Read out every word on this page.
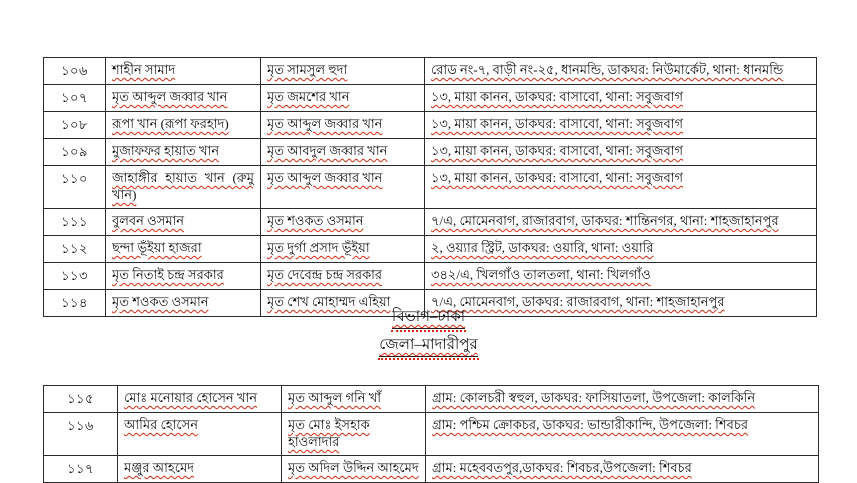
১০৬	শাহীন সামাদ	মৃত সামসুল হুদা	রোড নং-৭, বাড়ী নং-২৫, ধানমন্ডি, ডাকঘর: নিউমার্কেট, থানা: ধানমন্ডি
১০৭	মৃত আব্দুল জব্বার খান	মৃত জমশের খান	১৩, মায়া কানন, ডাকঘর: বাসাবো, থানা: সবুজবাগ
১০৮	রূপা খান (রূপা ফরহাদ)	মৃত আব্দুল জব্বার খান	১৩, মায়া কানন, ডাকঘর: বাসাবো, থানা: সবুজবাগ
১০৯	মুজাফফর হায়াত খান	মৃত আবদুল জব্বার খান	১৩, মায়া কানন, ডাকঘর: বাসাবো, থানা: সবুজবাগ
১১০	জাহাঙ্গীর হায়াত খান (রুমু খান)	মৃত আব্দুল জব্বার খান	১৩, মায়া কানন, ডাকঘর: বাসাবো, থানা: সবুজবাগ
১১১	বুলবন ওসমান	মৃত শওকত ওসমান	৭/এ, মোমেনবাগ, রাজারবাগ, ডাকঘর: শান্তিনগর, থানা: শাহজাহানপুর
১১২	ছন্দা ভূঁইয়া হাজরা	মৃত দুর্গা প্রসাদ ভূঁইয়া	২, ওয়্যার স্ট্রিট, ডাকঘর: ওয়ারি, থানা: ওয়ারি
১১৩	মৃত নিতাই চন্দ্র সরকার	মৃত দেবেন্দ্র চন্দ্র সরকার	৩৪২/এ, খিলগাঁও তালতলা, থানা: খিলগাঁও
১১৪	মৃত শওকত ওসমান	মৃত শেখ মোহাম্মদ এহিয়া	৭/এ, মোমেনবাগ, ডাকঘর: রাজারবাগ, থানা: শাহজাহানপুর
বিভাগ–ঢাকা
জেলা–মাদারীপুর
১১৫	মোঃ মনোয়ার হোসেন খান	মৃত আব্দুল গনি খাঁ	গ্রাম: কোলচরী স্বহুল, ডাকঘর: ফাসিয়াতলা, উপজেলা: কালকিনি
১১৬	আমির হোসেন	মৃত মোঃ ইসহাক হাওলাদার	গ্রাম: পশ্চিম ক্রোকচর, ডাকঘর: ভান্ডারীকান্দি, উপজেলা: শিবচর
১১৭	মঞ্জুর আহমেদ	মৃত অদিল উদ্দিন আহমেদ	গ্রাম: মহেববতপুর,ডাকঘর: শিবচর,উপজেলা: শিবচর
